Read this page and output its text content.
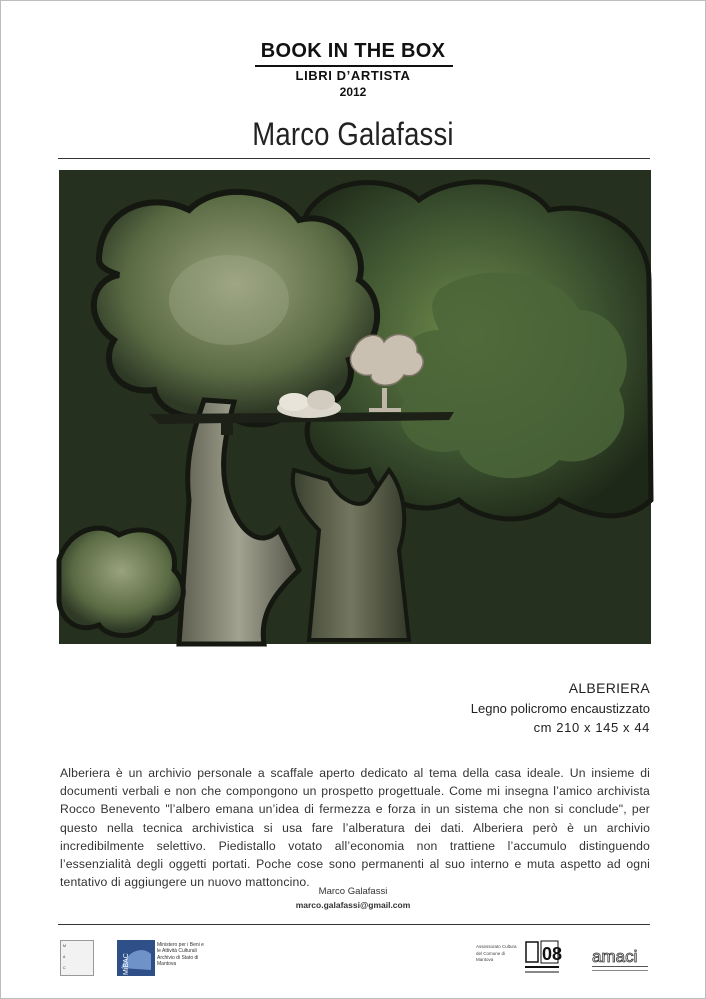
BOOK IN THE BOX
LIBRI D’ARTISTA
2012
Marco Galafassi
ALBERIERA
Legno policromo encaustizzato
cm 210 x 145 x 44
Alberiera è un archivio personale a scaffale aperto dedicato al tema della casa ideale. Un insieme di documenti verbali e non che compongono un prospetto progettuale. Come mi insegna l’amico archivista Rocco Benevento "l’albero emana un’idea di fermezza e forza in un sistema che non si conclude", per questo nella tecnica archivistica si usa fare l’alberatura dei dati. Alberiera però è un archivio incredibilmente selettivo. Piedistallo votato all’economia non trattiene l’accumulo distinguendo l’essenzialità degli oggetti portati. Poche cose sono permanenti al suo interno e muta aspetto ad ogni tentativo di aggiungere un nuovo mattoncino.
Marco Galafassi
marco.galafassi@gmail.com
M
A
C	MiBAC
Ministero per i Beni e le Attività Culturali Archivio di Stato di Mantova
Assessorato Cultura del Comune di Mantova	08 amaci
